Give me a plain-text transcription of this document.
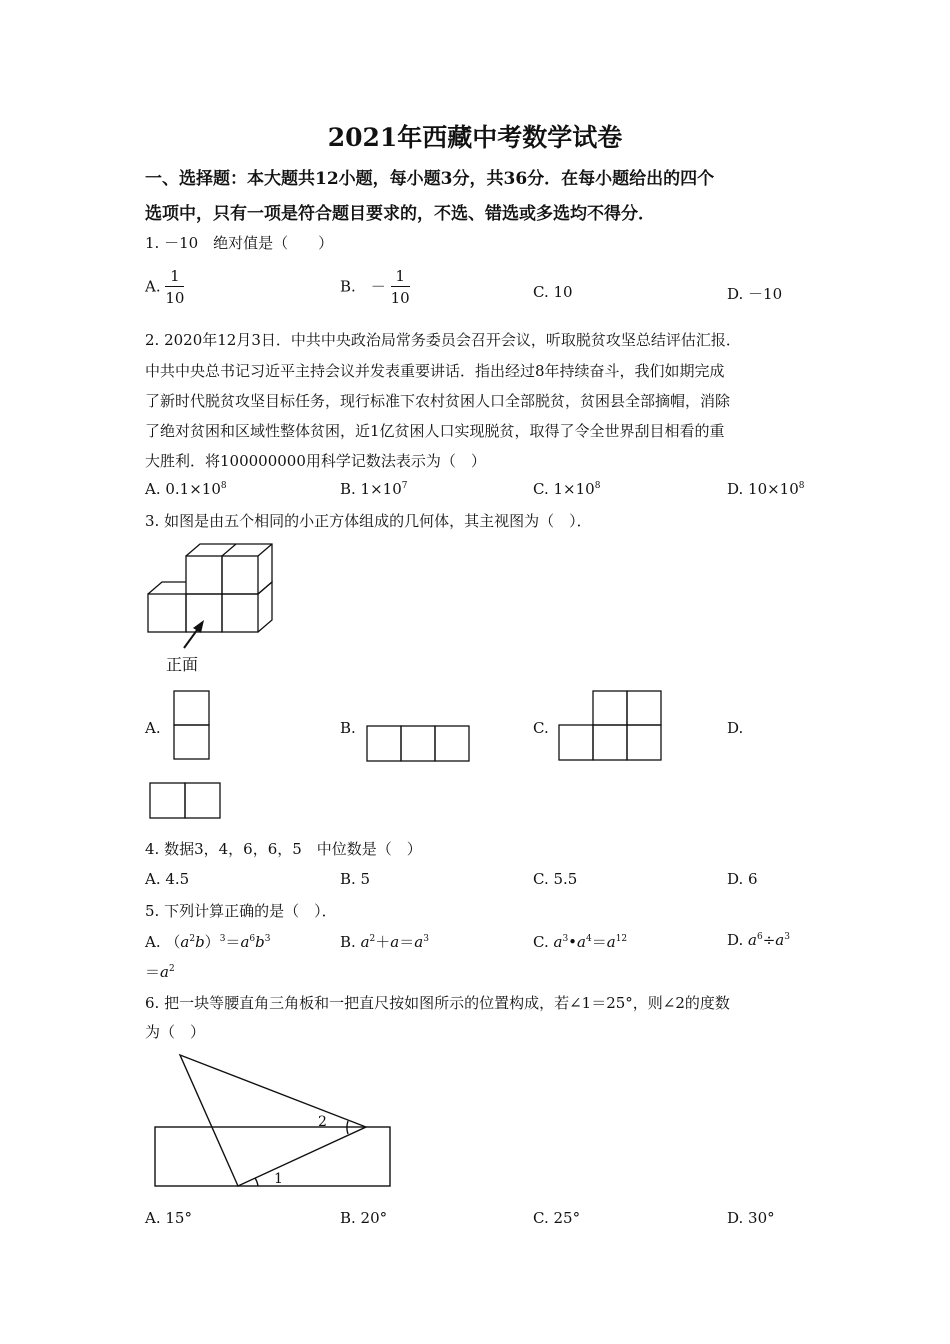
2021年西藏中考数学试卷
一、选择题：本大题共12小题，每小题3分，共36分．在每小题给出的四个
选项中，只有一项是符合题目要求的，不选、错选或多选均不得分．
1. －10　绝对值是（　　）
A. $\frac{1}{10}$	B.　－ $\frac{1}{10}$	C. 10	D. －10
2. 2020年12月3日．中共中央政治局常务委员会召开会议，听取脱贫攻坚总结评估汇报．
中共中央总书记习近平主持会议并发表重要讲话．指出经过8年持续奋斗，我们如期完成
了新时代脱贫攻坚目标任务，现行标准下农村贫困人口全部脱贫，贫困县全部摘帽，消除
了绝对贫困和区域性整体贫困，近1亿贫困人口实现脱贫，取得了令全世界刮目相看的重
大胜利．将100000000用科学记数法表示为（　）
A. $0.1\times 10^8$	B. $1\times 10^7$	C. $1\times 10^8$	D. $10\times 10^8$
3. 如图是由五个相同的小正方体组成的几何体，其主视图为（　）．
正面
A.	B.	C.	D.
4. 数据3，4，6，6，5　中位数是（　）
A. 4.5	B. 5	C. 5.5	D. 6
5. 下列计算正确的是（　）．
A. $(a^2b)^3=a^6b^3$	B. $a^2+a=a^3$	C. $a^3•a^4=a^{12}$	D. $a^6\div a^3$
$=a^2$
6. 把一块等腰直角三角板和一把直尺按如图所示的位置构成，若∠1＝25°，则∠2的度数
为（　）
1
2
A. 15°	B. 20°	C. 25°	D. 30°
